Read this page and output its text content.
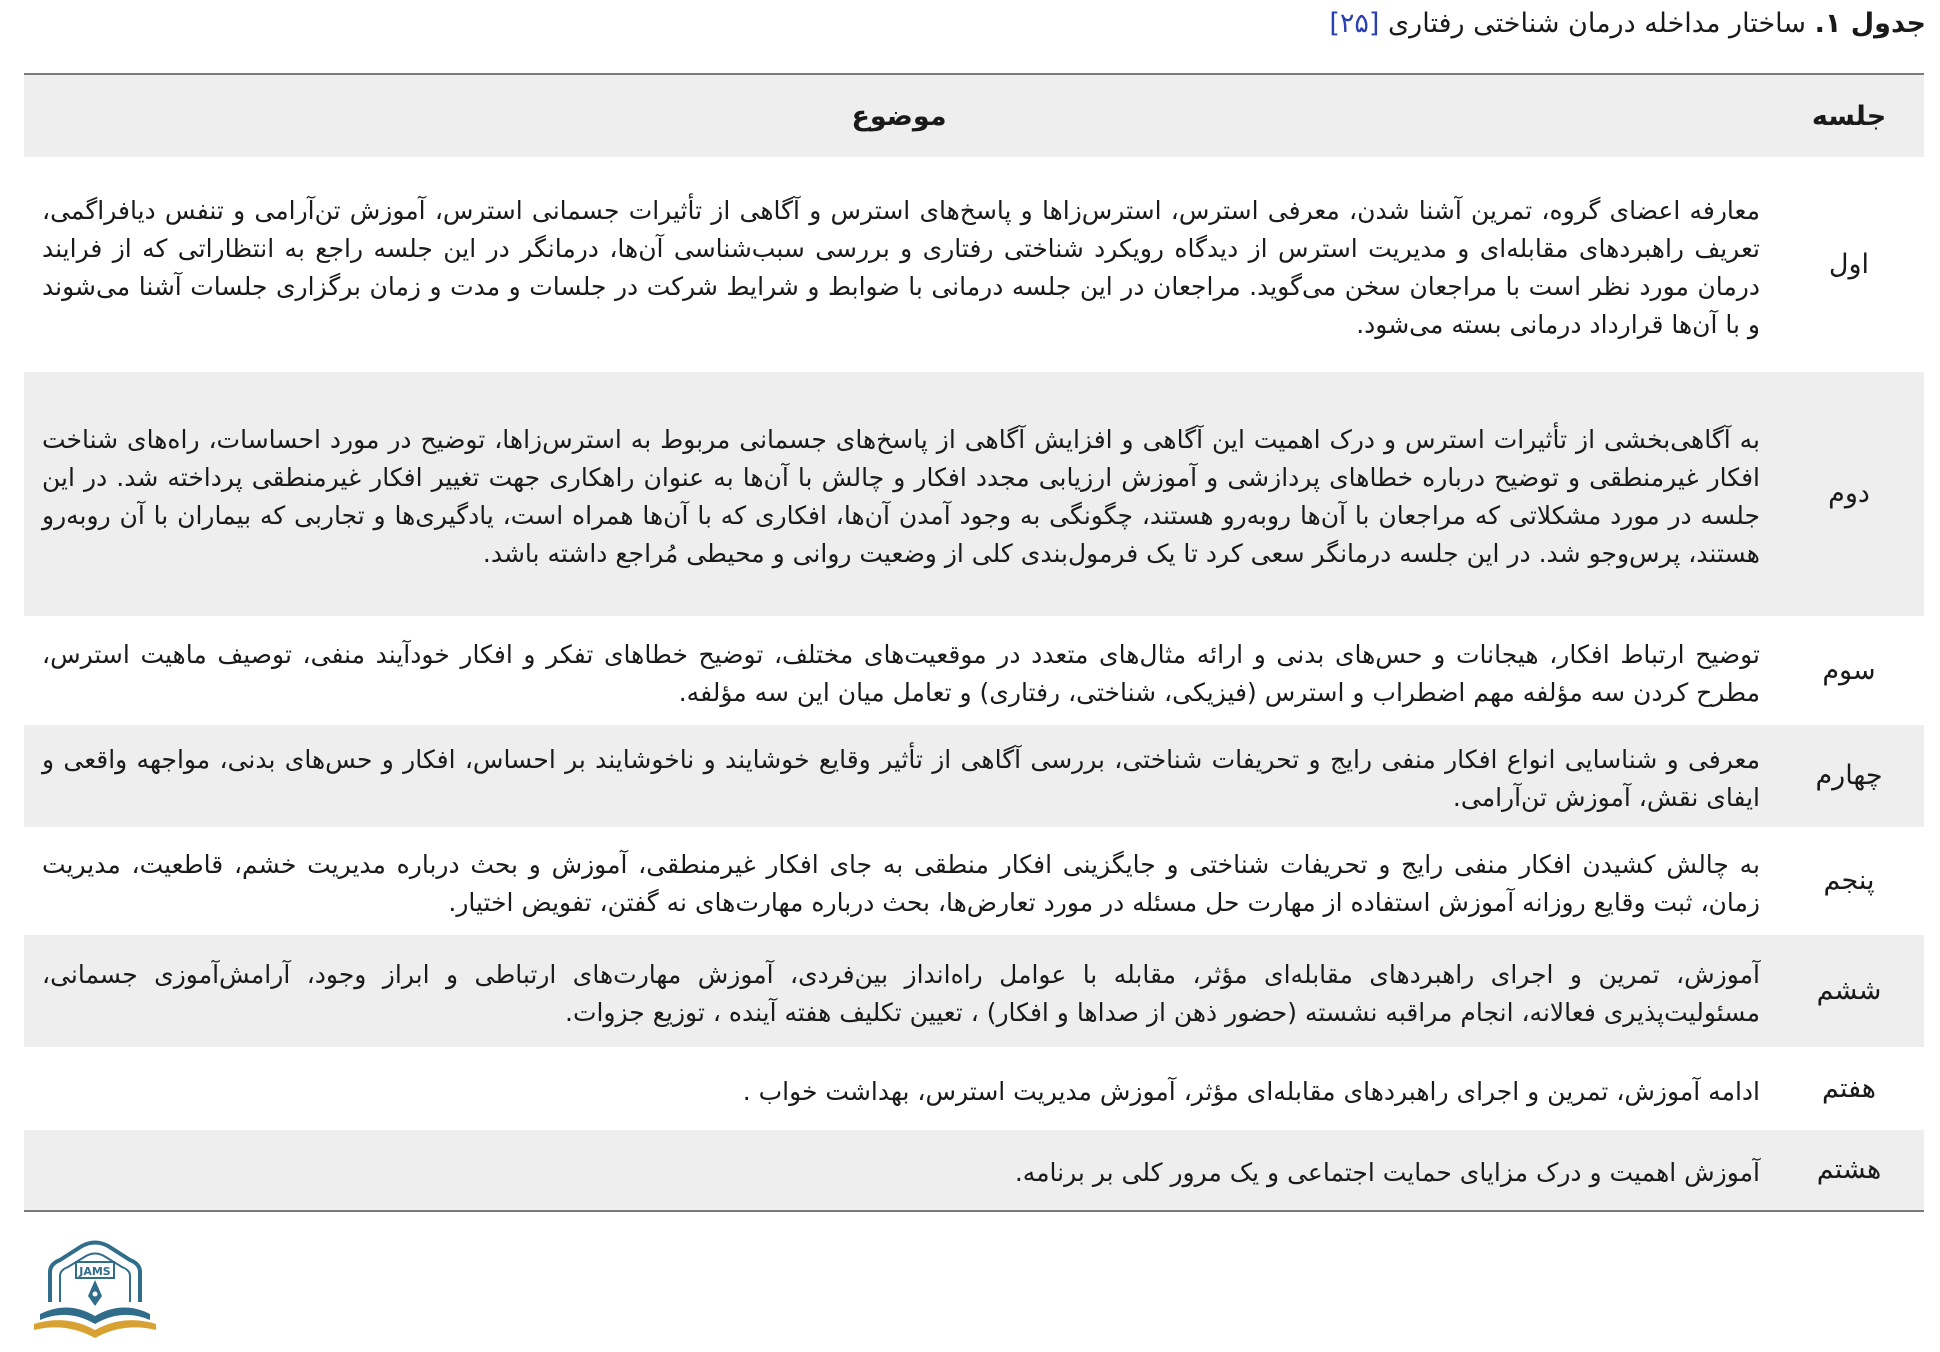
جدول ۱. ساختار مداخله درمان شناختی رفتاری [۲۵]
جلسه	موضوع
اول	معارفه اعضای گروه، تمرین آشنا شدن، معرفی استرس، استرس‌زاها و پاسخ‌های استرس و آگاهی از تأثیرات جسمانی استرس، آموزش تن‌آرامی و تنفس دیافراگمی، تعریف راهبردهای مقابله‌ای و مدیریت استرس از دیدگاه رویکرد شناختی رفتاری و بررسی سبب‌شناسی آن‌ها، درمانگر در این جلسه راجع به انتظاراتی که از فرایند درمان مورد نظر است با مراجعان سخن می‌گوید. مراجعان در این جلسه درمانی با ضوابط و شرایط شرکت در جلسات و مدت و زمان برگزاری جلسات آشنا می‌شوند و با آن‌ها قرارداد درمانی بسته می‌شود.
دوم	به آگاهی‌بخشی از تأثیرات استرس و درک اهمیت این آگاهی و افزایش آگاهی از پاسخ‌های جسمانی مربوط به استرس‌زاها، توضیح در مورد احساسات، راه‌های شناخت افکار غیرمنطقی و توضیح درباره خطاهای پردازشی و آموزش ارزیابی مجدد افکار و چالش با آن‌ها به عنوان راهکاری جهت تغییر افکار غیرمنطقی پرداخته شد. در این جلسه در مورد مشکلاتی که مراجعان با آن‌ها روبه‌رو هستند، چگونگی به وجود آمدن آن‌ها، افکاری که با آن‌ها همراه است، یادگیری‌ها و تجاربی که بیماران با آن روبه‌رو هستند، پرس‌وجو شد. در این جلسه درمانگر سعی کرد تا یک فرمول‌بندی کلی از وضعیت روانی و محیطی مُراجع داشته باشد.
سوم	توضیح ارتباط افکار، هیجانات و حس‌های بدنی و ارائه مثال‌های متعدد در موقعیت‌های مختلف، توضیح خطاهای تفکر و افکار خودآیند منفی، توصیف ماهیت استرس، مطرح کردن سه مؤلفه مهم اضطراب و استرس (فیزیکی، شناختی، رفتاری) و تعامل میان این سه مؤلفه.
چهارم	معرفی و شناسایی انواع افکار منفی رایج و تحریفات شناختی، بررسی آگاهی از تأثیر وقایع خوشایند و ناخوشایند بر احساس، افکار و حس‌های بدنی، مواجهه واقعی و ایفای نقش، آموزش تن‌آرامی.
پنجم	به چالش کشیدن افکار منفی رایج و تحریفات شناختی و جایگزینی افکار منطقی به جای افکار غیرمنطقی، آموزش و بحث درباره مدیریت خشم، قاطعیت، مدیریت زمان، ثبت وقایع روزانه آموزش استفاده از مهارت حل مسئله در مورد تعارض‌ها، بحث درباره مهارت‌های نه گفتن، تفویض اختیار.
ششم	آموزش، تمرین و اجرای راهبردهای مقابله‌ای مؤثر، مقابله با عوامل راه‌انداز بین‌فردی، آموزش مهارت‌های ارتباطی و ابراز وجود، آرامش‌آموزی جسمانی، مسئولیت‌پذیری فعالانه، انجام مراقبه نشسته (حضور ذهن از صداها و افکار) ، تعیین تکلیف هفته آینده ، توزیع جزوات.
هفتم	ادامه آموزش، تمرین و اجرای راهبردهای مقابله‌ای مؤثر، آموزش مدیریت استرس، بهداشت خواب .
هشتم	آموزش اهمیت و درک مزایای حمایت اجتماعی و یک مرور کلی بر برنامه.
JAMS
